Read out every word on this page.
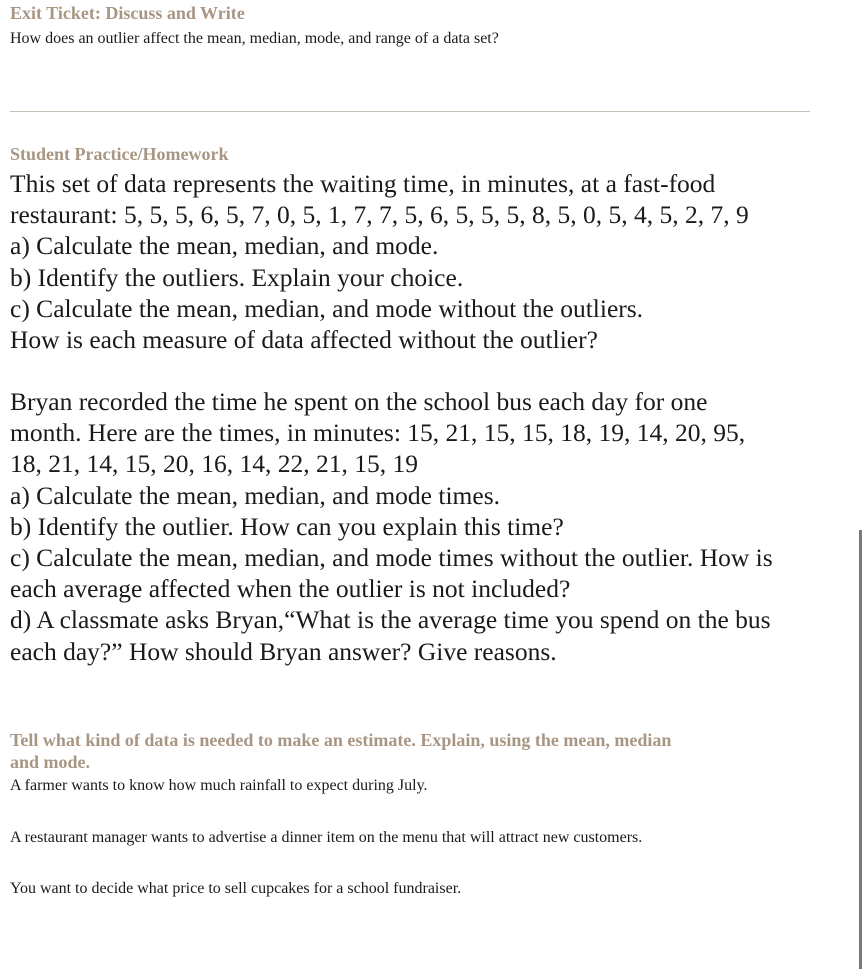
Exit Ticket: Discuss and Write
How does an outlier affect the mean, median, mode, and range of a data set?
Student Practice/Homework
This set of data represents the waiting time, in minutes, at a fast-food
restaurant: 5, 5, 5, 6, 5, 7, 0, 5, 1, 7, 7, 5, 6, 5, 5, 5, 8, 5, 0, 5, 4, 5, 2, 7, 9
a) Calculate the mean, median, and mode.
b) Identify the outliers. Explain your choice.
c) Calculate the mean, median, and mode without the outliers.
How is each measure of data affected without the outlier?
Bryan recorded the time he spent on the school bus each day for one
month. Here are the times, in minutes: 15, 21, 15, 15, 18, 19, 14, 20, 95,
18, 21, 14, 15, 20, 16, 14, 22, 21, 15, 19
a) Calculate the mean, median, and mode times.
b) Identify the outlier. How can you explain this time?
c) Calculate the mean, median, and mode times without the outlier. How is
each average affected when the outlier is not included?
d) A classmate asks Bryan,“What is the average time you spend on the bus
each day?” How should Bryan answer? Give reasons.
Tell what kind of data is needed to make an estimate. Explain, using the mean, median
and mode.
A farmer wants to know how much rainfall to expect during July.
A restaurant manager wants to advertise a dinner item on the menu that will attract new customers.
You want to decide what price to sell cupcakes for a school fundraiser.
